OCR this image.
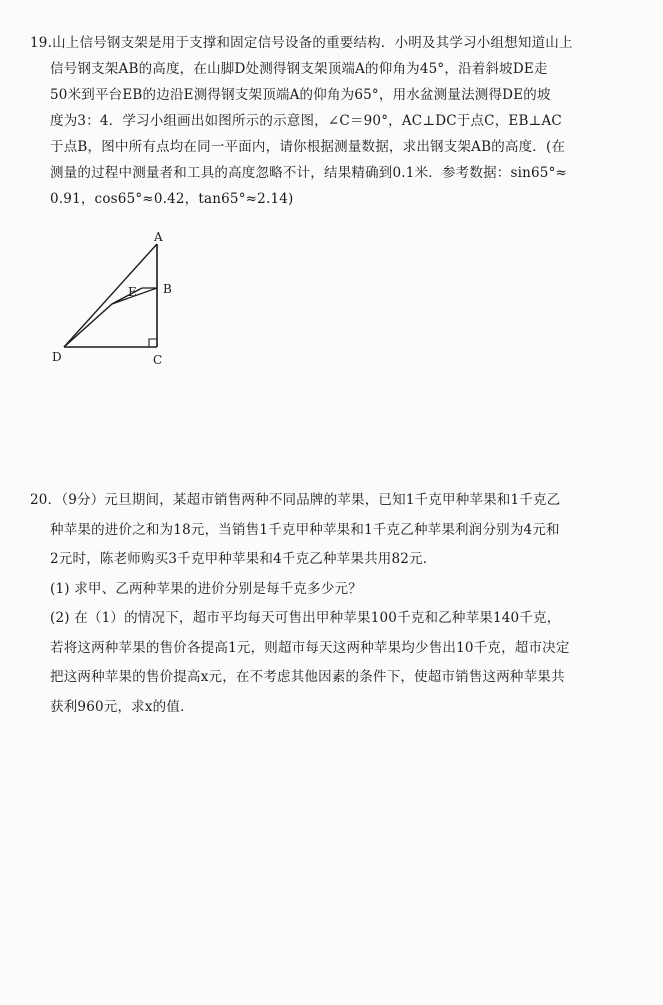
19.山上信号钢支架是用于支撑和固定信号设备的重要结构．小明及其学习小组想知道山上
信号钢支架AB的高度，在山脚D处测得钢支架顶端A的仰角为45°，沿着斜坡DE走
50米到平台EB的边沿E测得钢支架顶端A的仰角为65°，用水盆测量法测得DE的坡
度为3：4．学习小组画出如图所示的示意图，∠C＝90°，AC⊥DC于点C，EB⊥AC
于点B，图中所有点均在同一平面内，请你根据测量数据，求出钢支架AB的高度．(在
测量的过程中测量者和工具的高度忽略不计，结果精确到0.1米．参考数据：sin65°≈
0.91，cos65°≈0.42，tan65°≈2.14)
A
B
C
D
E
20．（9分）元旦期间，某超市销售两种不同品牌的苹果，已知1千克甲种苹果和1千克乙
种苹果的进价之和为18元，当销售1千克甲种苹果和1千克乙种苹果利润分别为4元和
2元时，陈老师购买3千克甲种苹果和4千克乙种苹果共用82元．
(1) 求甲、乙两种苹果的进价分别是每千克多少元？
(2) 在（1）的情况下，超市平均每天可售出甲种苹果100千克和乙种苹果140千克，
若将这两种苹果的售价各提高1元，则超市每天这两种苹果均少售出10千克，超市决定
把这两种苹果的售价提高x元，在不考虑其他因素的条件下，使超市销售这两种苹果共
获利960元，求x的值．
